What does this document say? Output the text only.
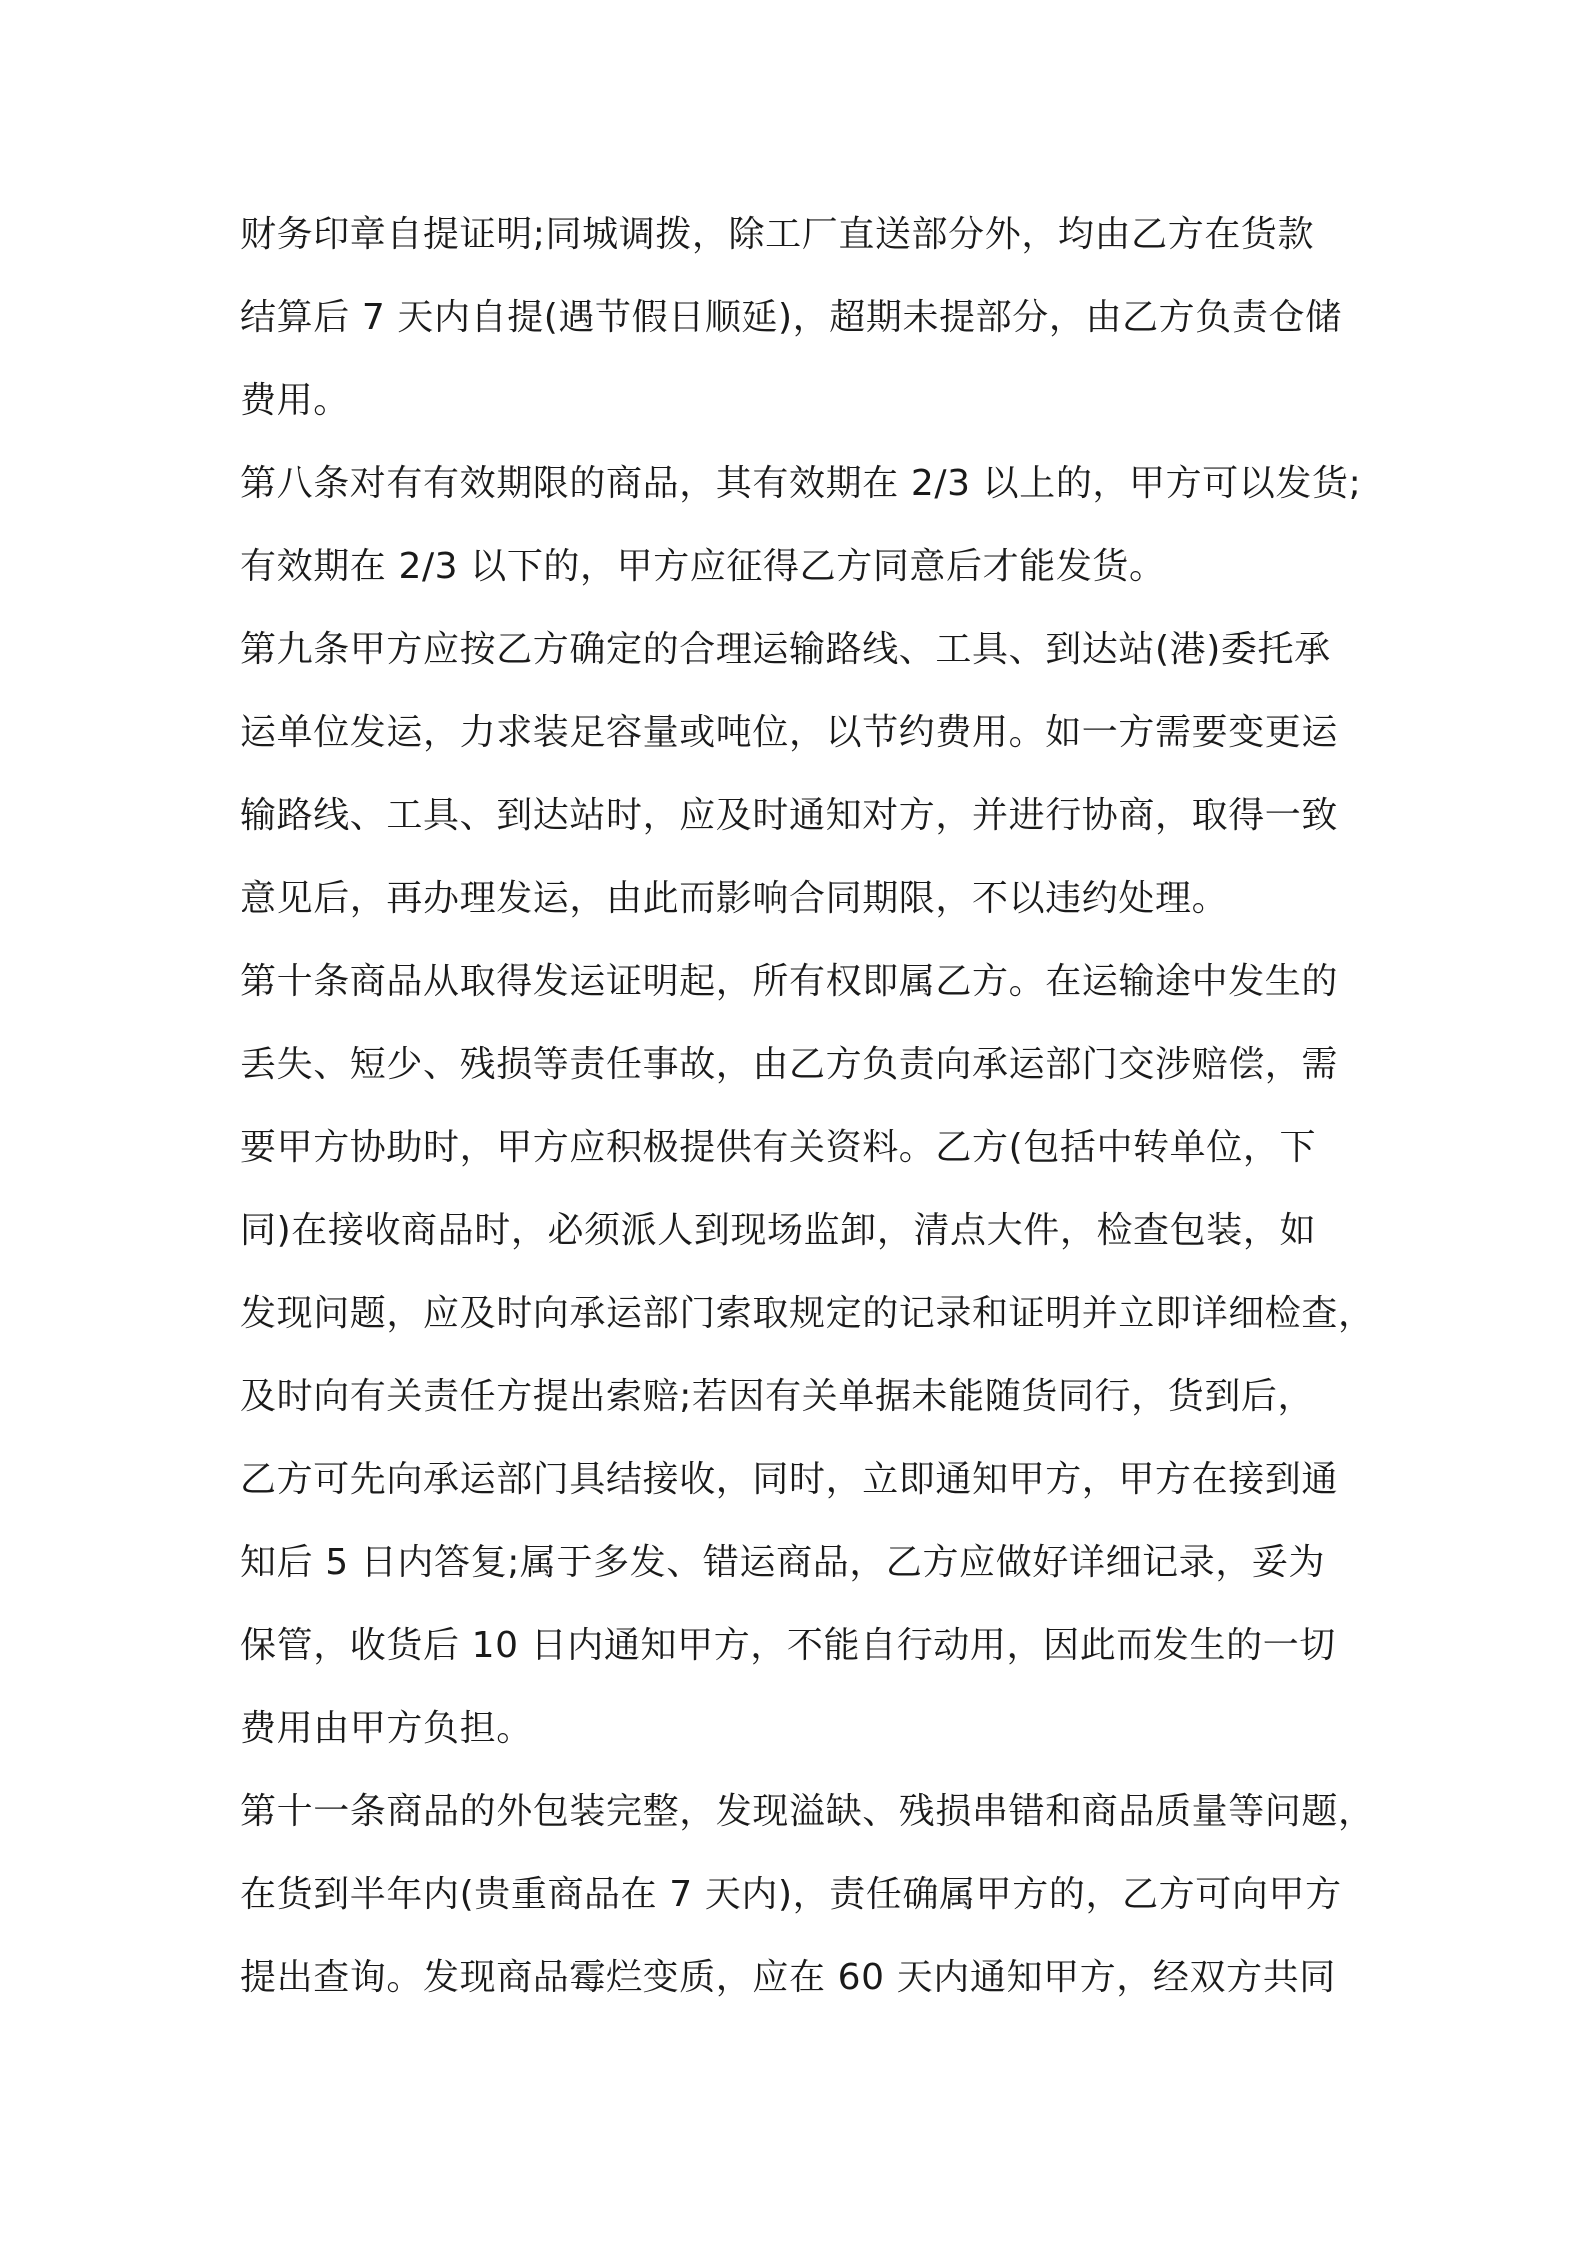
财务印章自提证明;同城调拨，除工厂直送部分外，均由乙方在货款
结算后 7 天内自提(遇节假日顺延)，超期未提部分，由乙方负责仓储
费用。
第八条对有有效期限的商品，其有效期在 2/3 以上的，甲方可以发货;
有效期在 2/3 以下的，甲方应征得乙方同意后才能发货。
第九条甲方应按乙方确定的合理运输路线、工具、到达站(港)委托承
运单位发运，力求装足容量或吨位，以节约费用。如一方需要变更运
输路线、工具、到达站时，应及时通知对方，并进行协商，取得一致
意见后，再办理发运，由此而影响合同期限，不以违约处理。
第十条商品从取得发运证明起，所有权即属乙方。在运输途中发生的
丢失、短少、残损等责任事故，由乙方负责向承运部门交涉赔偿，需
要甲方协助时，甲方应积极提供有关资料。乙方(包括中转单位，下
同)在接收商品时，必须派人到现场监卸，清点大件，检查包装，如
发现问题，应及时向承运部门索取规定的记录和证明并立即详细检查，
及时向有关责任方提出索赔;若因有关单据未能随货同行，货到后，
乙方可先向承运部门具结接收，同时，立即通知甲方，甲方在接到通
知后 5 日内答复;属于多发、错运商品，乙方应做好详细记录，妥为
保管，收货后 10 日内通知甲方，不能自行动用，因此而发生的一切
费用由甲方负担。
第十一条商品的外包装完整，发现溢缺、残损串错和商品质量等问题，
在货到半年内(贵重商品在 7 天内)，责任确属甲方的，乙方可向甲方
提出查询。发现商品霉烂变质，应在 60 天内通知甲方，经双方共同
